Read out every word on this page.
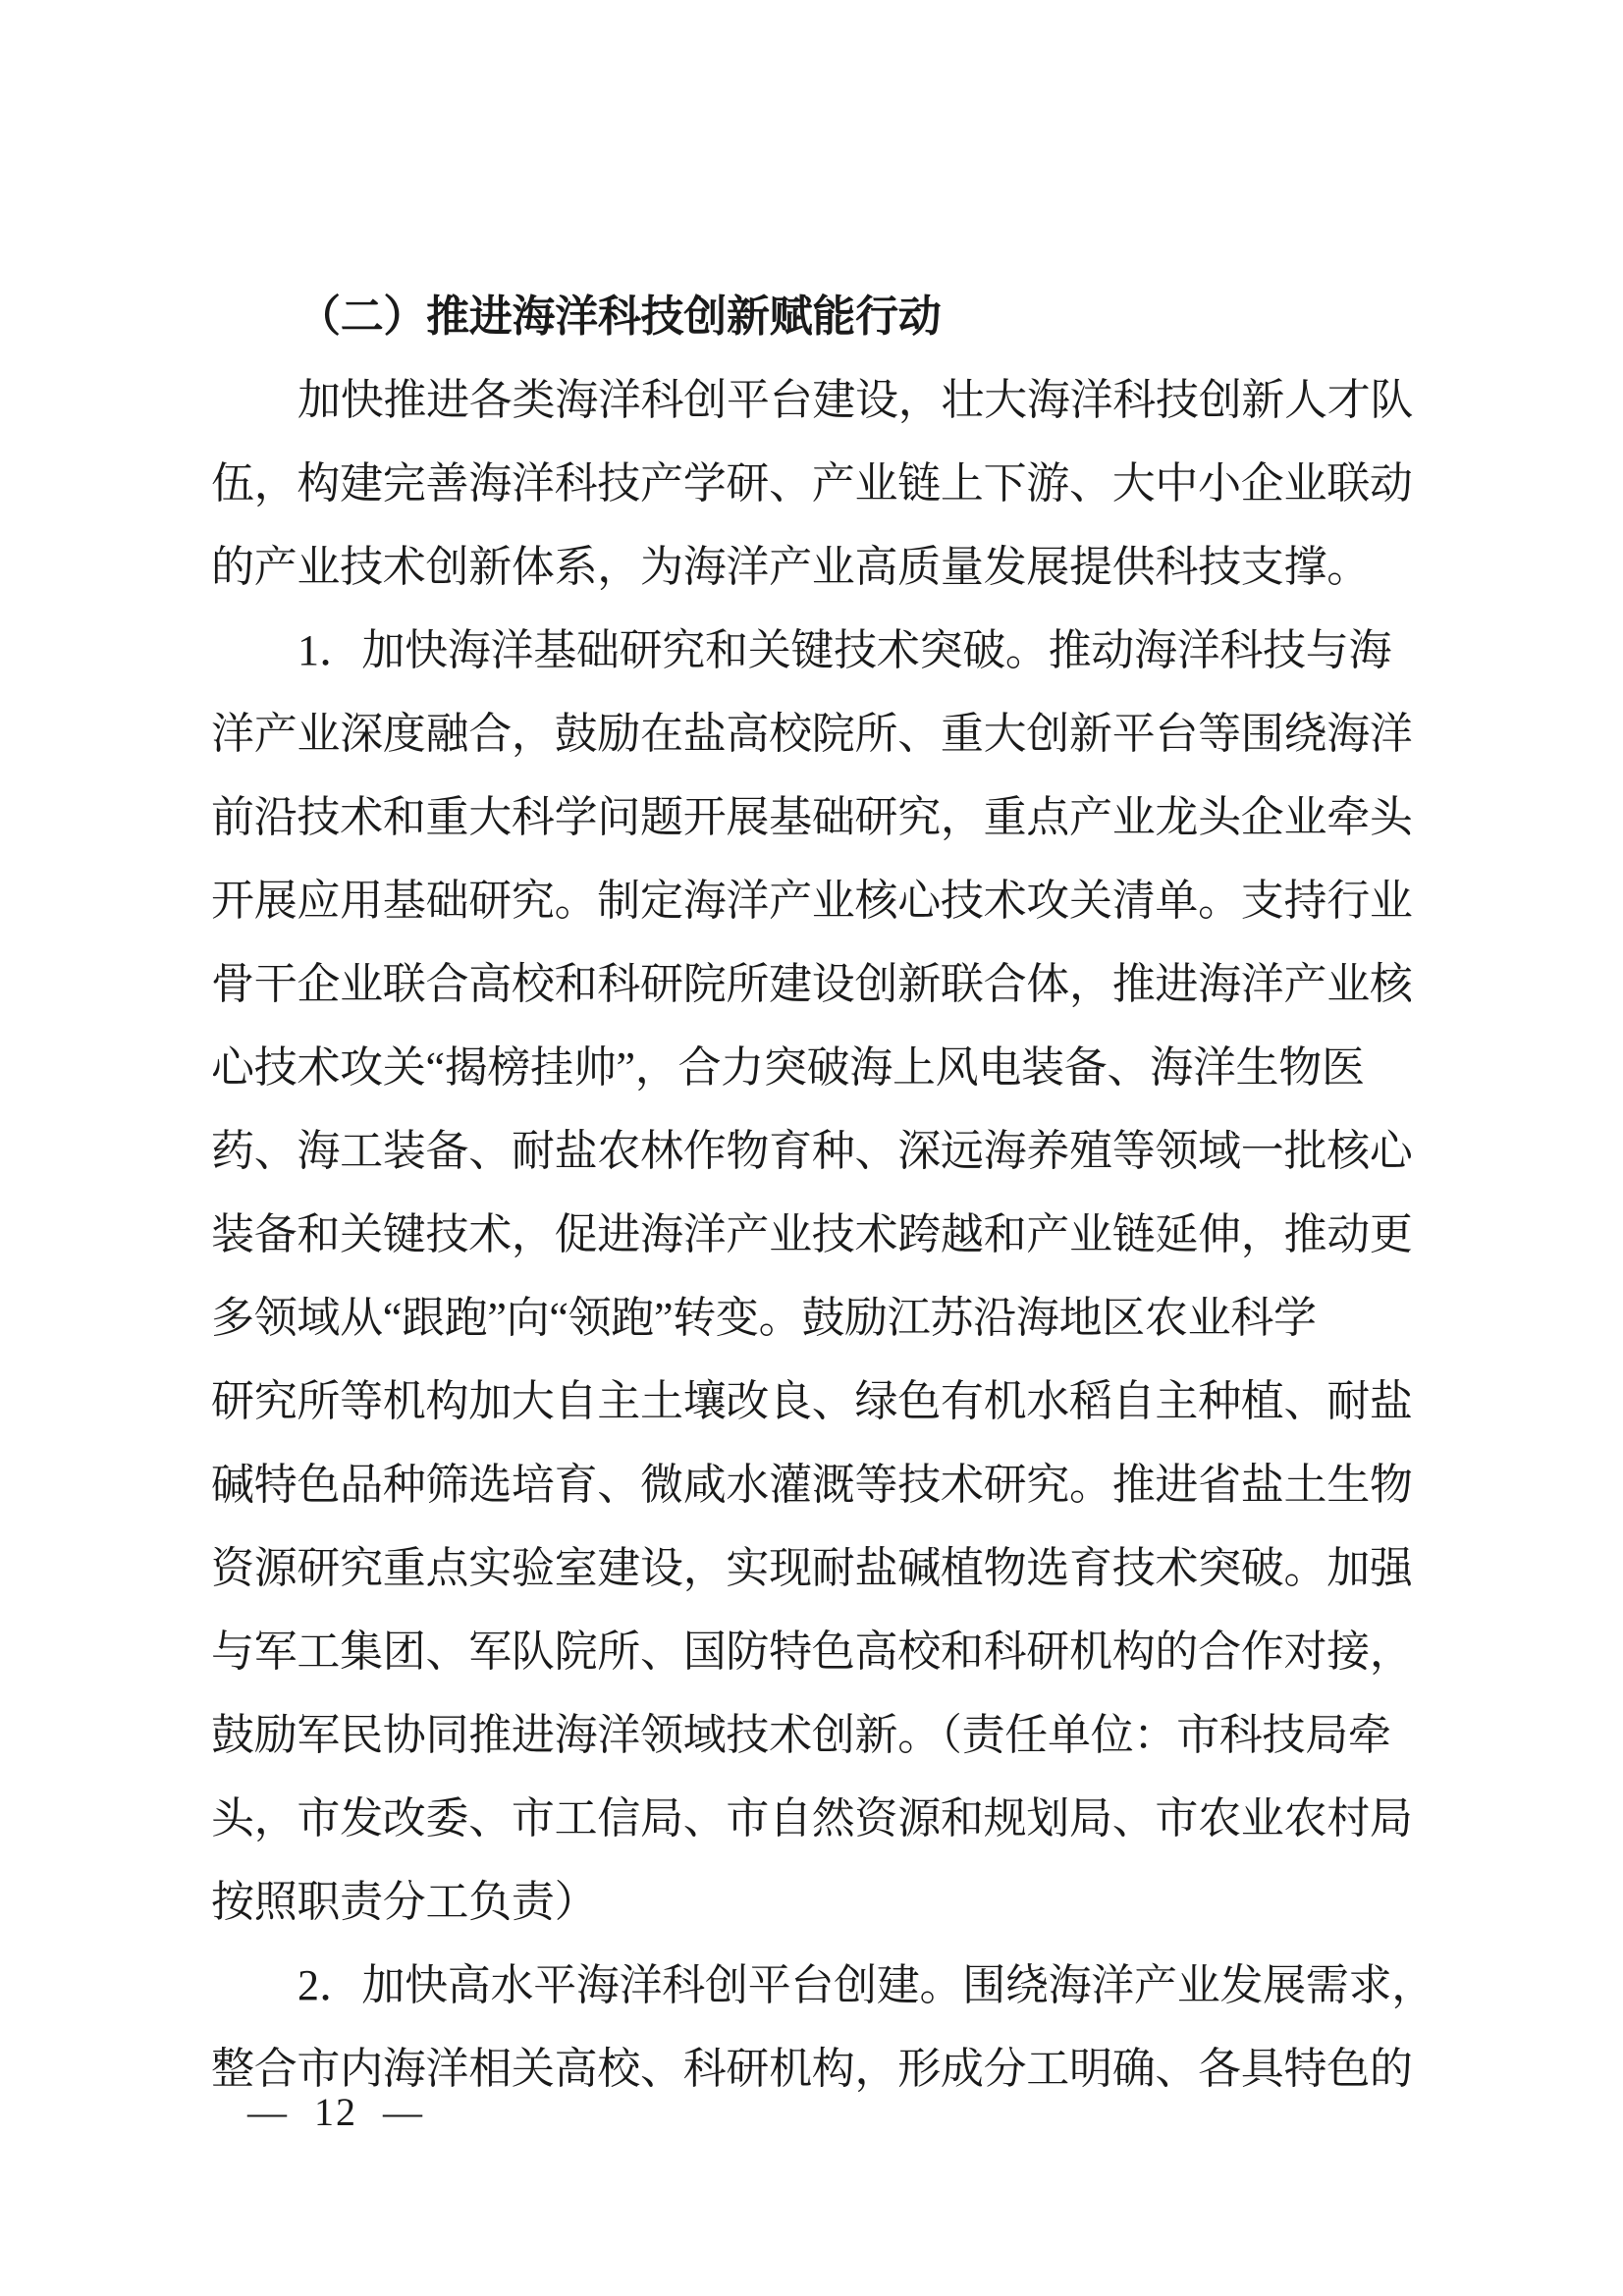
（二）推进海洋科技创新赋能行动
加快推进各类海洋科创平台建设，壮大海洋科技创新人才队
伍，构建完善海洋科技产学研、产业链上下游、大中小企业联动
的产业技术创新体系，为海洋产业高质量发展提供科技支撑。
1．加快海洋基础研究和关键技术突破。推动海洋科技与海
洋产业深度融合，鼓励在盐高校院所、重大创新平台等围绕海洋
前沿技术和重大科学问题开展基础研究，重点产业龙头企业牵头
开展应用基础研究。制定海洋产业核心技术攻关清单。支持行业
骨干企业联合高校和科研院所建设创新联合体，推进海洋产业核
心技术攻关“揭榜挂帅”，合力突破海上风电装备、海洋生物医
药、海工装备、耐盐农林作物育种、深远海养殖等领域一批核心
装备和关键技术，促进海洋产业技术跨越和产业链延伸，推动更
多领域从“跟跑”向“领跑”转变。鼓励江苏沿海地区农业科学
研究所等机构加大自主土壤改良、绿色有机水稻自主种植、耐盐
碱特色品种筛选培育、微咸水灌溉等技术研究。推进省盐土生物
资源研究重点实验室建设，实现耐盐碱植物选育技术突破。加强
与军工集团、军队院所、国防特色高校和科研机构的合作对接，
鼓励军民协同推进海洋领域技术创新。（责任单位：市科技局牵
头，市发改委、市工信局、市自然资源和规划局、市农业农村局
按照职责分工负责）
2．加快高水平海洋科创平台创建。围绕海洋产业发展需求，
整合市内海洋相关高校、科研机构，形成分工明确、各具特色的
— 12 —
